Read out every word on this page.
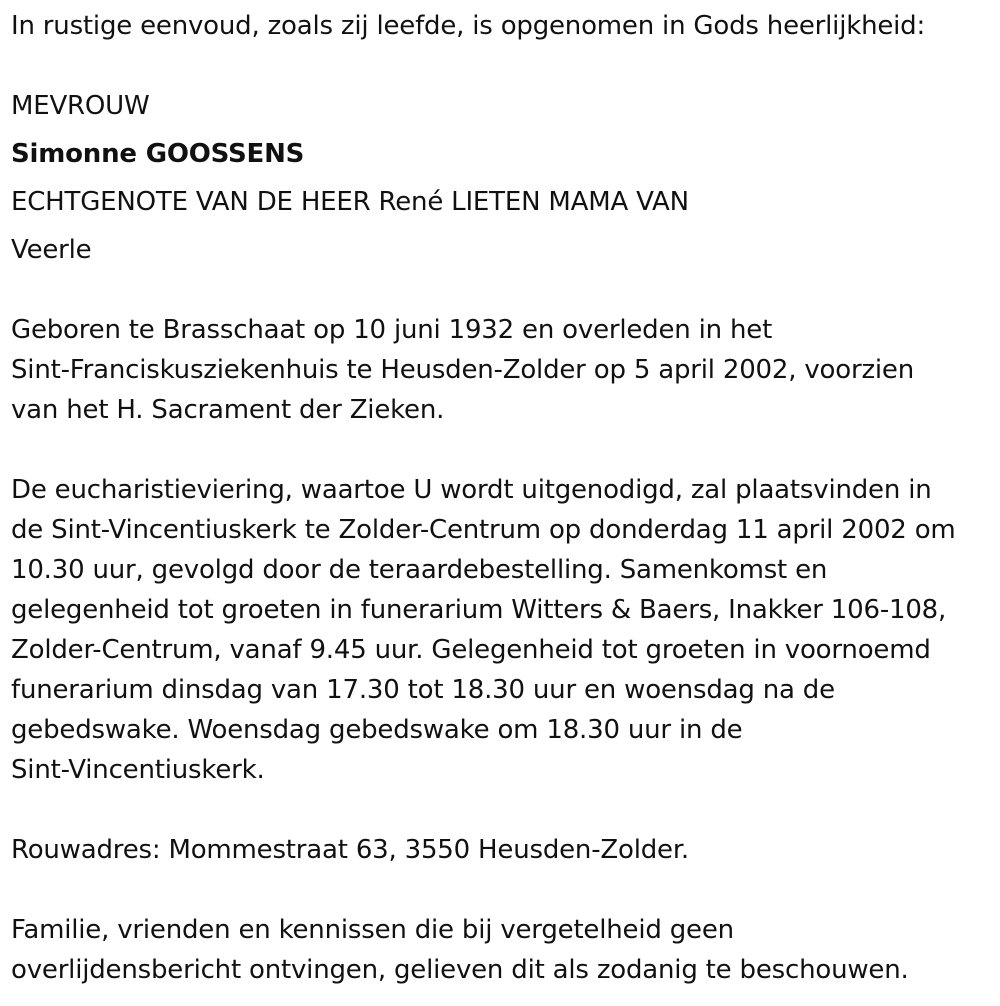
In rustige eenvoud, zoals zij leefde, is opgenomen in Gods heerlijkheid:
MEVROUW
Simonne GOOSSENS
ECHTGENOTE VAN DE HEER René LIETEN MAMA VAN
Veerle
Geboren te Brasschaat op 10 juni 1932 en overleden in het
Sint-Franciskusziekenhuis te Heusden-Zolder op 5 april 2002, voorzien
van het H. Sacrament der Zieken.
De eucharistieviering, waartoe U wordt uitgenodigd, zal plaatsvinden in
de Sint-Vincentiuskerk te Zolder-Centrum op donderdag 11 april 2002 om
10.30 uur, gevolgd door de teraardebestelling. Samenkomst en
gelegenheid tot groeten in funerarium Witters & Baers, Inakker 106-108,
Zolder-Centrum, vanaf 9.45 uur. Gelegenheid tot groeten in voornoemd
funerarium dinsdag van 17.30 tot 18.30 uur en woensdag na de
gebedswake. Woensdag gebedswake om 18.30 uur in de
Sint-Vincentiuskerk.
Rouwadres: Mommestraat 63, 3550 Heusden-Zolder.
Familie, vrienden en kennissen die bij vergetelheid geen
overlijdensbericht ontvingen, gelieven dit als zodanig te beschouwen.
